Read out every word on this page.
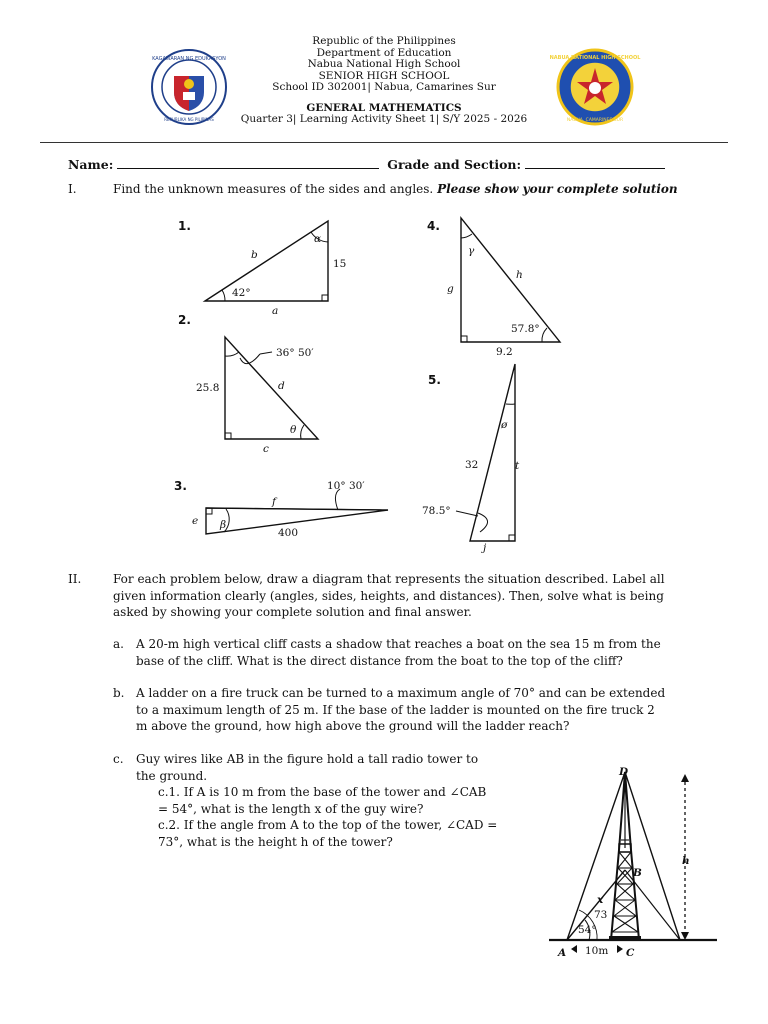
KAGAWARAN NG EDUKASYON
REPUBLIKA NG PILIPINAS
NABUA NATIONAL HIGH SCHOOL
NABUA, CAMARINES SUR
Republic of the Philippines
Department of Education
Nabua National High School
SENIOR HIGH SCHOOL
School ID 302001| Nabua, Camarines Sur
GENERAL MATHEMATICS
Quarter 3| Learning Activity Sheet 1| S/Y 2025 - 2026
Name:	Grade and Section:
I.	Find the unknown measures of the sides and angles. Please show your complete solution
1.
42°
α
b
15
a
2.
36° 50′
25.8	d
θ
c
3.	10° 30′
f
e β
400
4.
γ
h
g
57.8°
9.2
5.
ø
32	t
78.5°
j
II.	For each problem below, draw a diagram that represents the situation described. Label all
given information clearly (angles, sides, heights, and distances). Then, solve what is being
asked by showing your complete solution and final answer.
a. A 20-m high vertical cliff casts a shadow that reaches a boat on the sea 15 m from the
base of the cliff. What is the direct distance from the boat to the top of the cliff?
b. A ladder on a fire truck can be turned to a maximum angle of 70° and can be extended
to a maximum length of 25 m. If the base of the ladder is mounted on the fire truck 2
m above the ground, how high above the ground will the ladder reach?
c. Guy wires like AB in the figure hold a tall radio tower to
the ground.
c.1. If A is 10 m from the base of the tower and ∠CAB
= 54°, what is the length x of the guy wire?
c.2. If the angle from A to the top of the tower, ∠CAD =
73°, what is the height h of the tower?
D
B
h
x
73
54°
A 10m C
